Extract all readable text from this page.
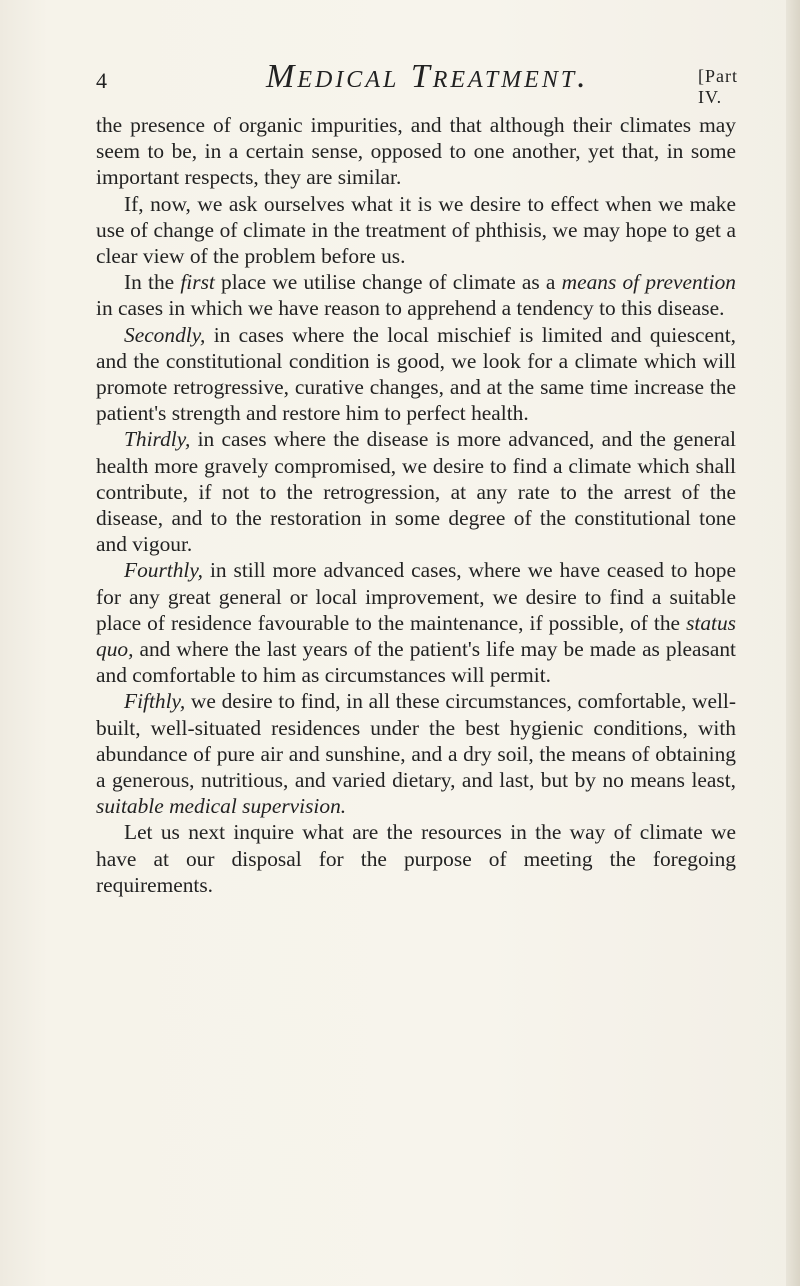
4	Medical Treatment.	[Part IV.

the presence of organic impurities, and that although their climates may seem to be, in a certain sense, opposed to one another, yet that, in some important respects, they are similar.

If, now, we ask ourselves what it is we desire to effect when we make use of change of climate in the treatment of phthisis, we may hope to get a clear view of the problem before us.

In the first place we utilise change of climate as a means of prevention in cases in which we have reason to apprehend a tendency to this disease.

Secondly, in cases where the local mischief is limited and quiescent, and the constitutional condition is good, we look for a climate which will promote retrogressive, curative changes, and at the same time increase the patient's strength and restore him to perfect health.

Thirdly, in cases where the disease is more advanced, and the general health more gravely compromised, we desire to find a climate which shall contribute, if not to the retrogression, at any rate to the arrest of the disease, and to the restoration in some degree of the constitutional tone and vigour.

Fourthly, in still more advanced cases, where we have ceased to hope for any great general or local improvement, we desire to find a suitable place of residence favourable to the maintenance, if possible, of the status quo, and where the last years of the patient's life may be made as pleasant and comfortable to him as circumstances will permit.

Fifthly, we desire to find, in all these circumstances, comfortable, well-built, well-situated residences under the best hygienic conditions, with abundance of pure air and sunshine, and a dry soil, the means of obtaining a generous, nutritious, and varied dietary, and last, but by no means least, suitable medical supervision.

Let us next inquire what are the resources in the way of climate we have at our disposal for the purpose of meeting the foregoing requirements.
